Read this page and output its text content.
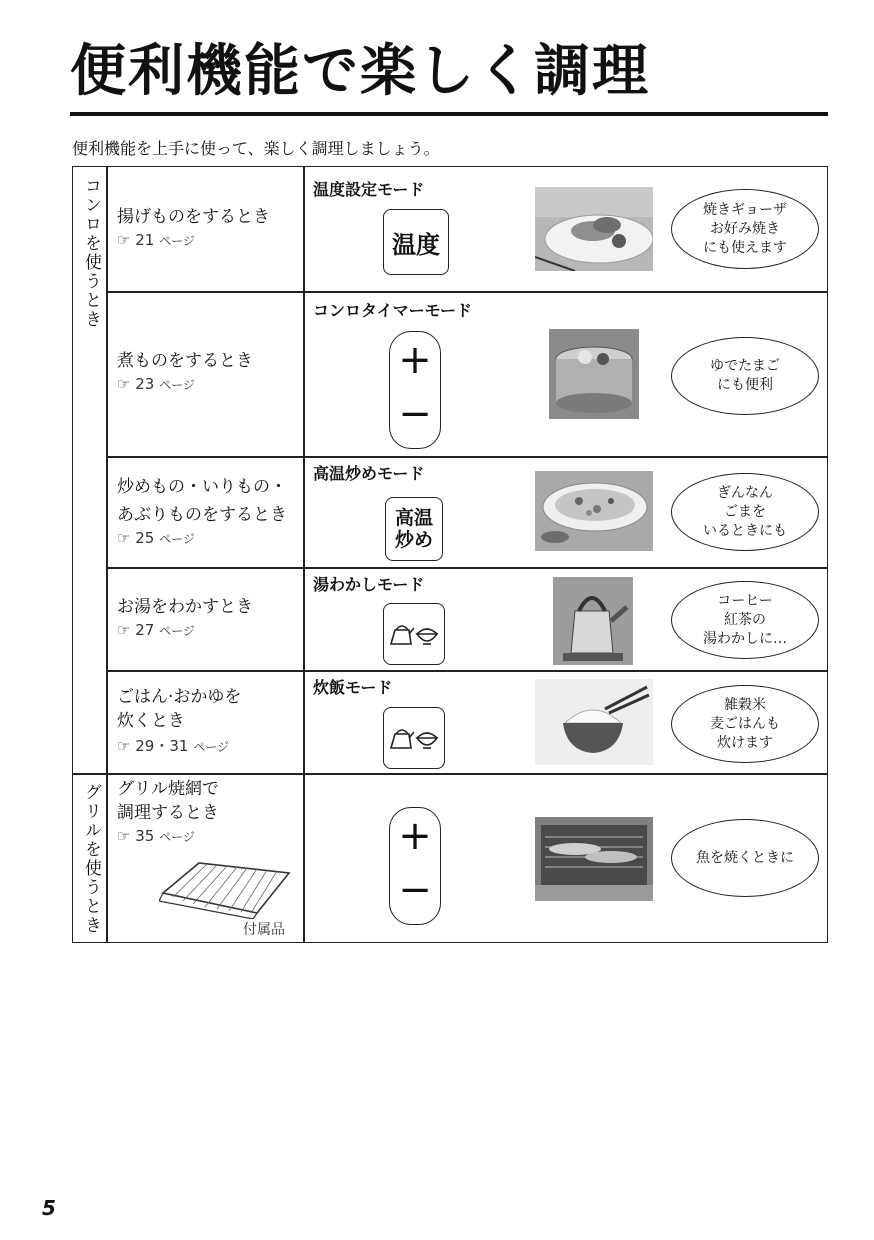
便利機能で楽しく調理
便利機能を上手に使って、楽しく調理しましょう。
コンロを使うとき
グリルを使うとき
揚げものをするとき
☞ 21 ページ
温度設定モード
温度
焼きギョーザ
お好み焼き
にも使えます
煮ものをするとき
☞ 23 ページ
コンロタイマーモード
+
−
ゆでたまご
にも便利
炒めもの・いりもの・
あぶりものをするとき
☞ 25 ページ
高温炒めモード
高温
炒め
ぎんなん
ごまを
いるときにも
お湯をわかすとき
☞ 27 ページ
湯わかしモード
コーヒー
紅茶の
湯わかしに…
ごはん·おかゆを
炊くとき
☞ 29・31 ページ
炊飯モード
雑穀米
麦ごはんも
炊けます
グリル焼網で
調理するとき
☞ 35 ページ
付属品
+
−
魚を焼くときに
5
